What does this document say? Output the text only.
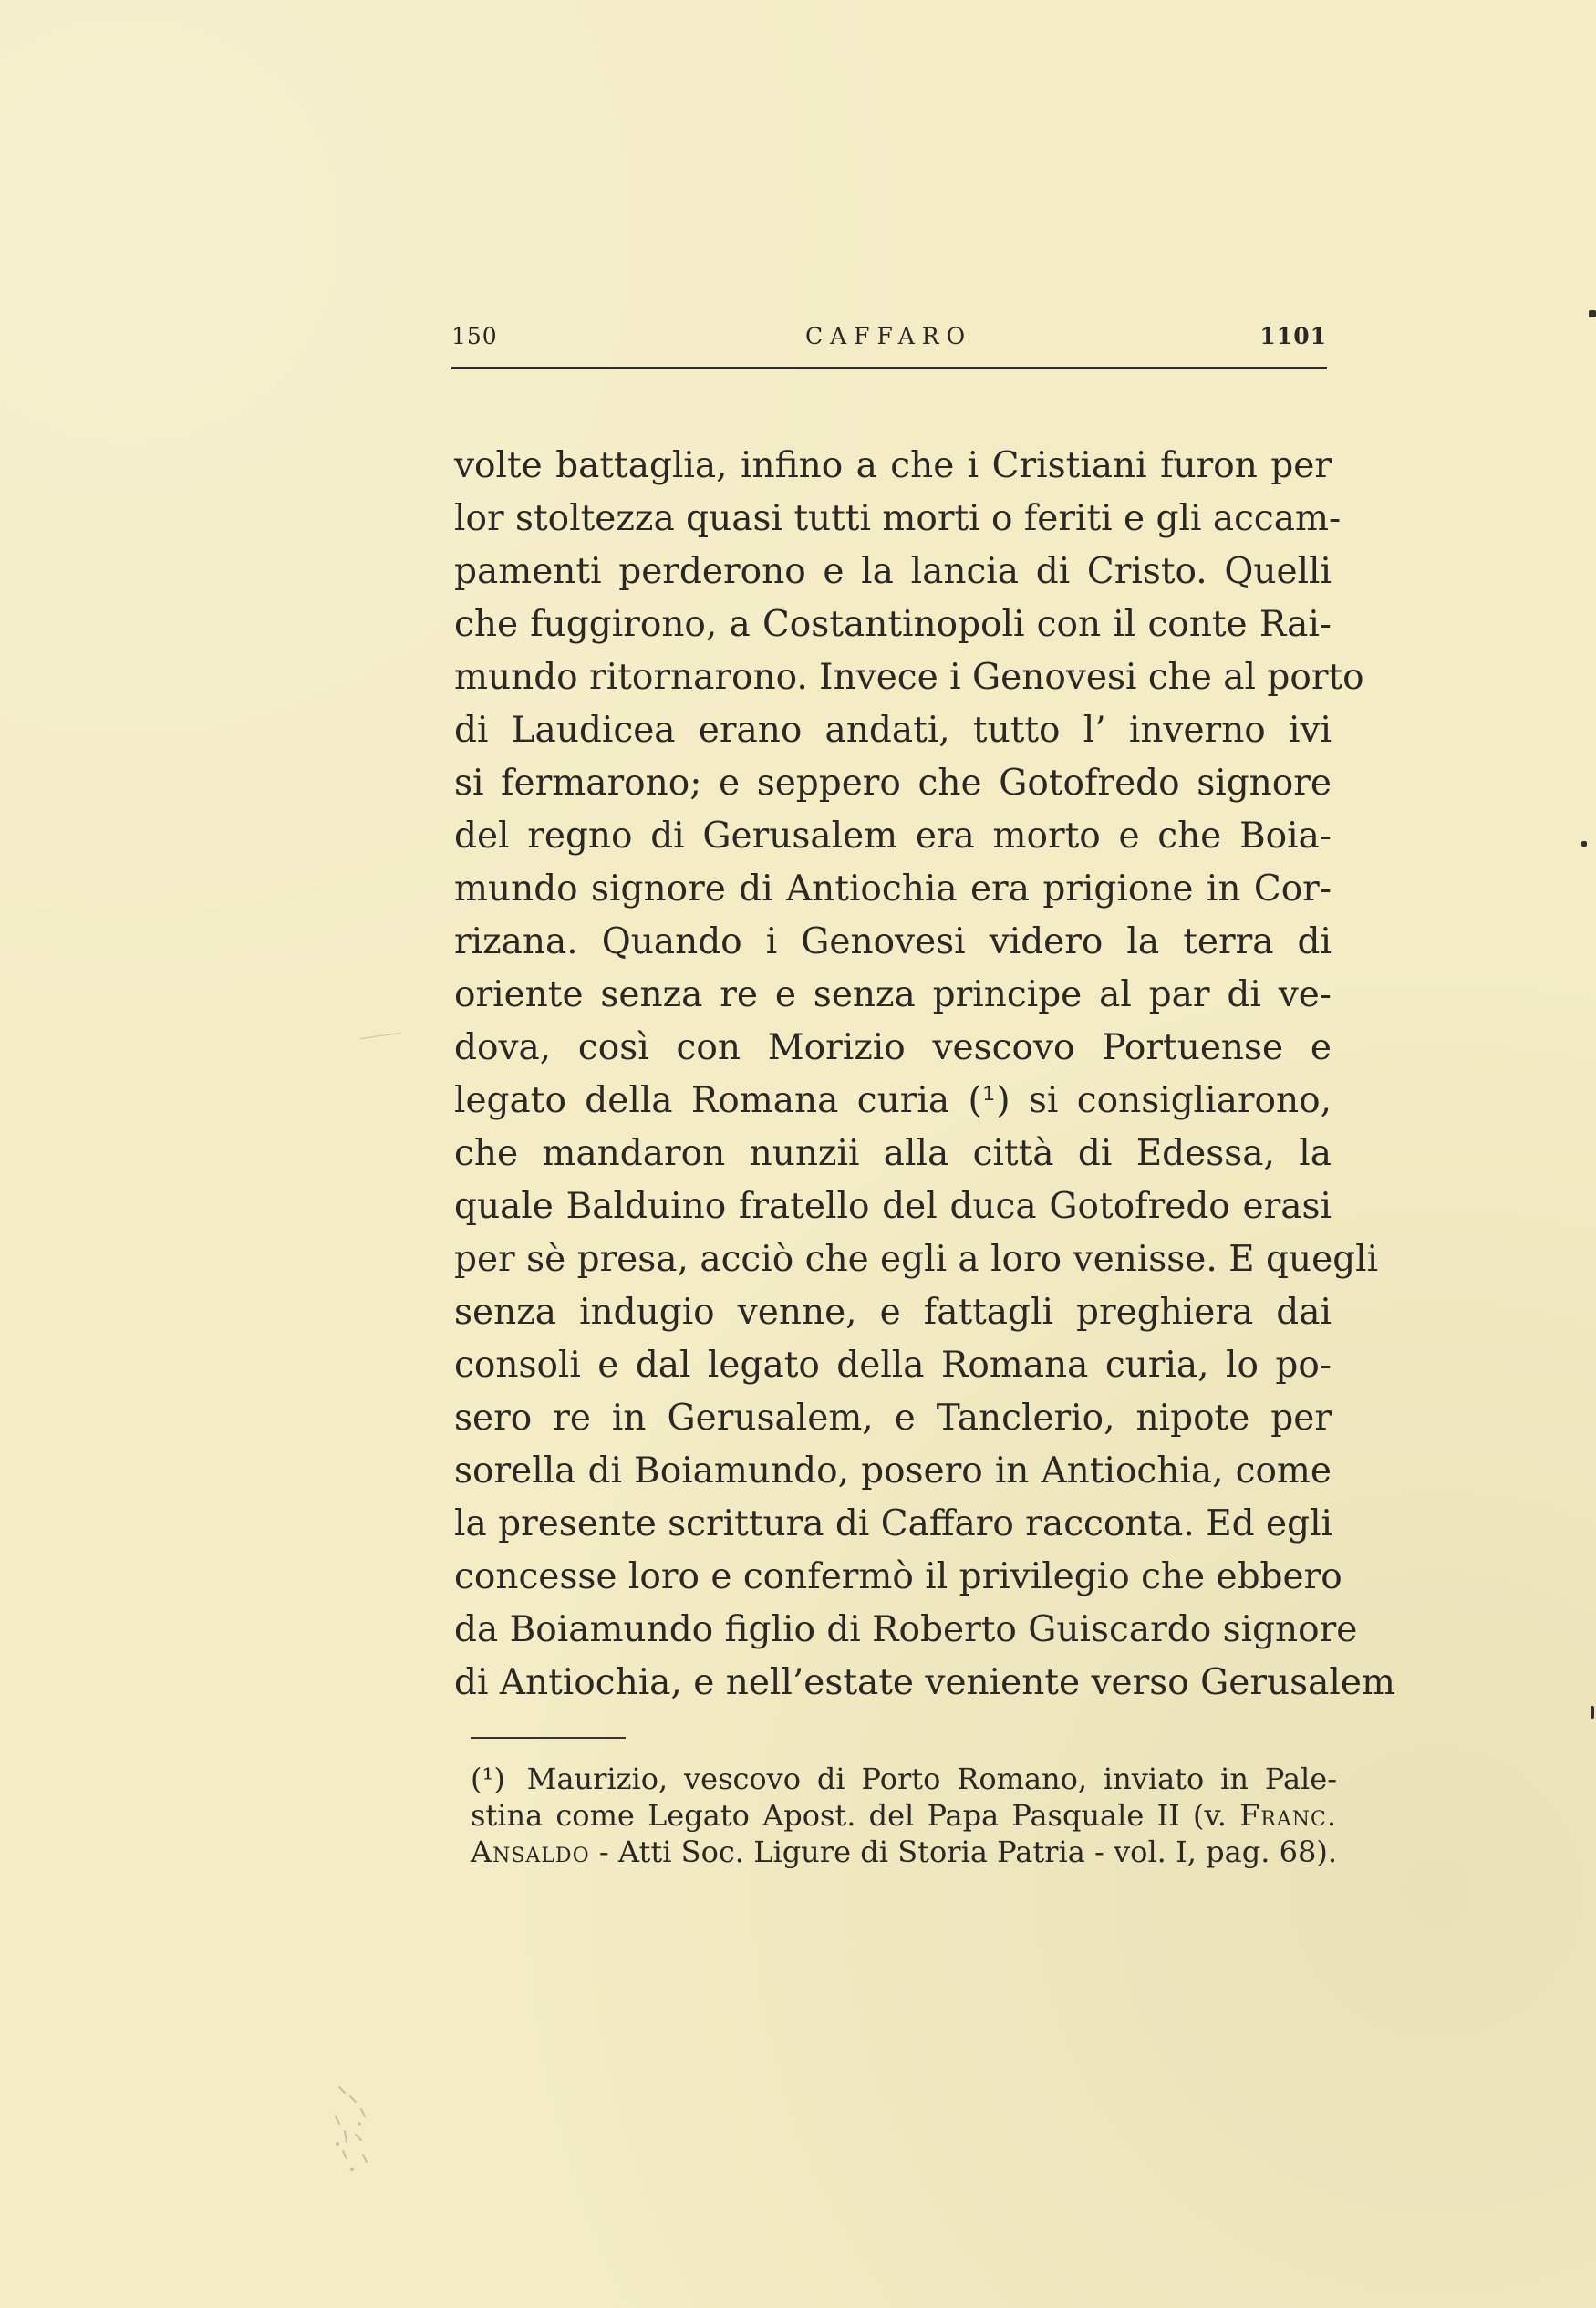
150	CAFFARO	1101
volte battaglia, infino a che i Cristiani furon per
lor stoltezza quasi tutti morti o feriti e gli accam-
pamenti perderono e la lancia di Cristo. Quelli
che fuggirono, a Costantinopoli con il conte Rai-
mundo ritornarono. Invece i Genovesi che al porto
di Laudicea erano andati, tutto l’ inverno ivi
si fermarono; e seppero che Gotofredo signore
del regno di Gerusalem era morto e che Boia-
mundo signore di Antiochia era prigione in Cor-
rizana. Quando i Genovesi videro la terra di
oriente senza re e senza principe al par di ve-
dova, così con Morizio vescovo Portuense e
legato della Romana curia (¹) si consigliarono,
che mandaron nunzii alla città di Edessa, la
quale Balduino fratello del duca Gotofredo erasi
per sè presa, acciò che egli a loro venisse. E quegli
senza indugio venne, e fattagli preghiera dai
consoli e dal legato della Romana curia, lo po-
sero re in Gerusalem, e Tanclerio, nipote per
sorella di Boiamundo, posero in Antiochia, come
la presente scrittura di Caffaro racconta. Ed egli
concesse loro e confermò il privilegio che ebbero
da Boiamundo figlio di Roberto Guiscardo signore
di Antiochia, e nell’estate veniente verso Gerusalem
(¹) Maurizio, vescovo di Porto Romano, inviato in Pale-
stina come Legato Apost. del Papa Pasquale II (v. Franc.
Ansaldo - Atti Soc. Ligure di Storia Patria - vol. I, pag. 68).
